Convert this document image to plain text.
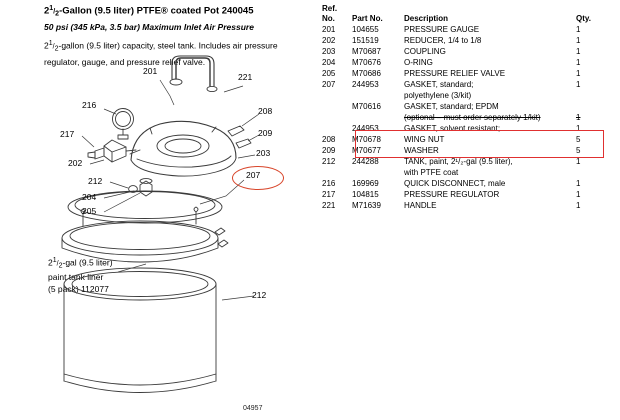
$2^1/_2$-Gallon (9.5 liter) PTFE® coated Pot 240045
50 psi (345 kPa, 3.5 bar) Maximum Inlet Air Pressure
$2^1/_2$-gallon (9.5 liter) capacity, steel tank. Includes air pressure regulator, gauge, and pressure relief valve.
$2^1/_2$-gal (9.5 liter)
paint tank liner
(5 pack) 112077
04957
201
221
216
208
217	209
202
203
212
207
204
205
212
Ref.
No.	Part No.	Description	Qty.
201	104655	PRESSURE GAUGE	1
202	151519	REDUCER, 1/4 to 1/8	1
203	M70687	COUPLING	1
204	M70676	O-RING	1
205	M70686	PRESSURE RELIEF VALVE	1
207	244953	GASKET, standard;	1
		polyethylene (3/kit)	
	M70616	GASKET, standard; EPDM	
		(optional – must order separately 1/kit)	1
	244953	GASKET, solvent resistant;	1
208	M70678	WING NUT	5
209	M70677	WASHER	5
212	244288	TANK, paint, 2¹/₂-gal (9.5 liter),	1
		with PTFE coat	
216	169969	QUICK DISCONNECT, male	1
217	104815	PRESSURE REGULATOR	1
221	M71639	HANDLE	1
